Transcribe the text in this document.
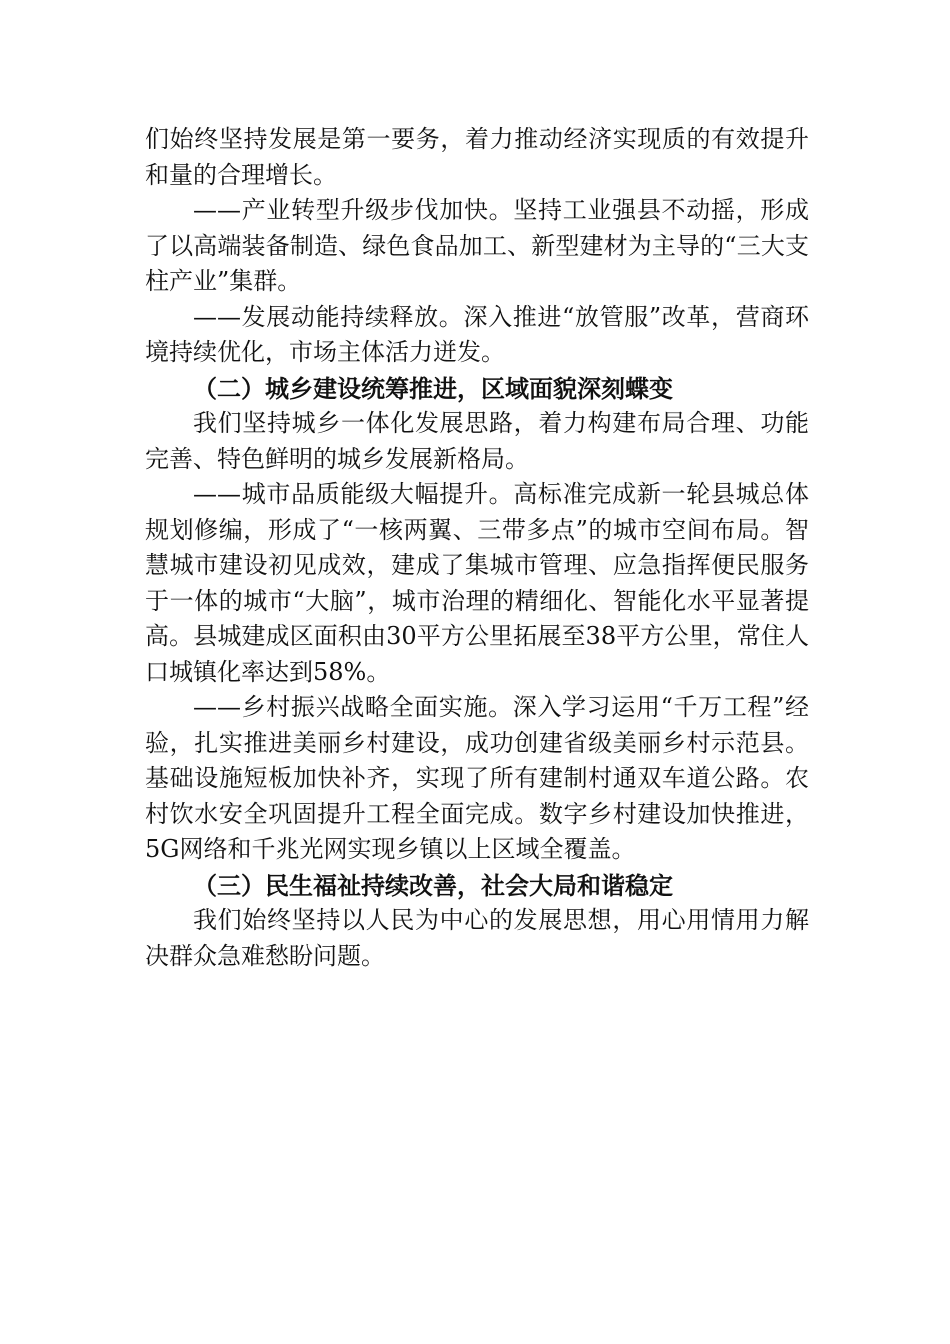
们始终坚持发展是第一要务，着力推动经济实现质的有效提升和量的合理增长。

——产业转型升级步伐加快。坚持工业强县不动摇，形成了以高端装备制造、绿色食品加工、新型建材为主导的“三大支柱产业”集群。

——发展动能持续释放。深入推进“放管服”改革，营商环境持续优化，市场主体活力迸发。

（二）城乡建设统筹推进，区域面貌深刻蝶变

我们坚持城乡一体化发展思路，着力构建布局合理、功能完善、特色鲜明的城乡发展新格局。

——城市品质能级大幅提升。高标准完成新一轮县城总体规划修编，形成了“一核两翼、三带多点”的城市空间布局。智慧城市建设初见成效，建成了集城市管理、应急指挥便民服务于一体的城市“大脑”，城市治理的精细化、智能化水平显著提高。县城建成区面积由30平方公里拓展至38平方公里，常住人口城镇化率达到58%。

——乡村振兴战略全面实施。深入学习运用“千万工程”经验，扎实推进美丽乡村建设，成功创建省级美丽乡村示范县。基础设施短板加快补齐，实现了所有建制村通双车道公路。农村饮水安全巩固提升工程全面完成。数字乡村建设加快推进，5G网络和千兆光网实现乡镇以上区域全覆盖。

（三）民生福祉持续改善，社会大局和谐稳定

我们始终坚持以人民为中心的发展思想，用心用情用力解决群众急难愁盼问题。
